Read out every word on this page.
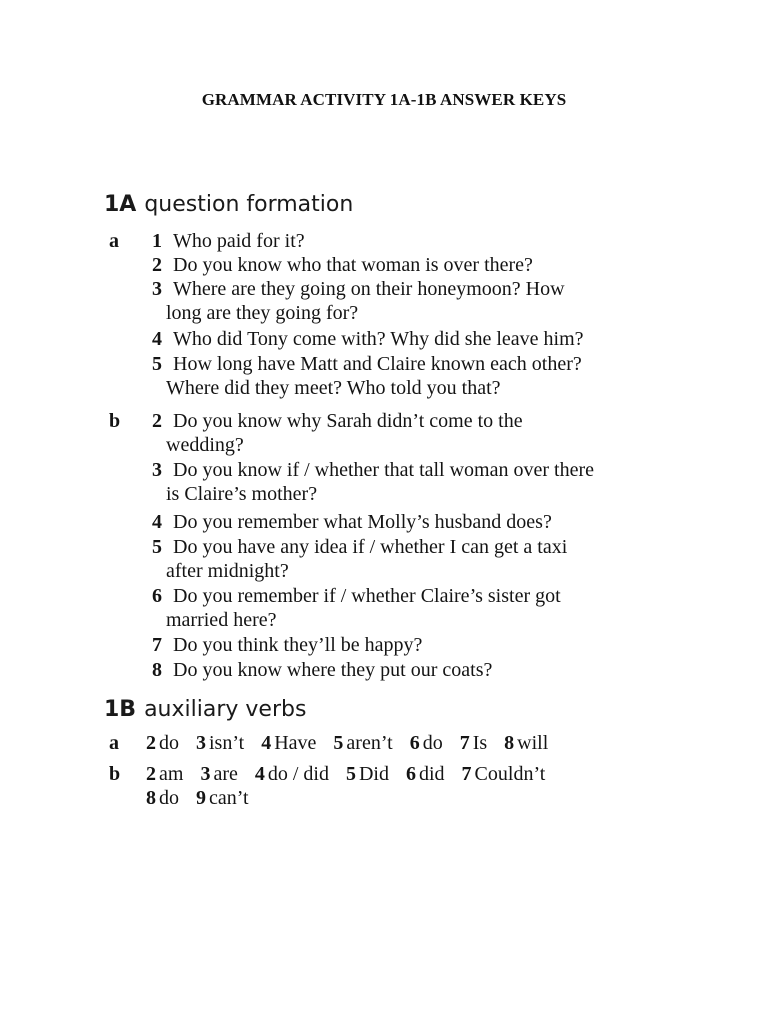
GRAMMAR ACTIVITY 1A-1B ANSWER KEYS
1A question formation
a 1 Who paid for it?
2 Do you know who that woman is over there?
3 Where are they going on their honeymoon? How
long are they going for?
4 Who did Tony come with? Why did she leave him?
5 How long have Matt and Claire known each other?
Where did they meet? Who told you that?
b 2 Do you know why Sarah didn’t come to the
wedding?
3 Do you know if / whether that tall woman over there
is Claire’s mother?
4 Do you remember what Molly’s husband does?
5 Do you have any idea if / whether I can get a taxi
after midnight?
6 Do you remember if / whether Claire’s sister got
married here?
7 Do you think they’ll be happy?
8 Do you know where they put our coats?
1B auxiliary verbs
a 2 do 3 isn’t 4 Have 5 aren’t 6 do 7 Is 8 will
b 2 am 3 are 4 do / did 5 Did 6 did 7 Couldn’t
8 do 9 can’t
